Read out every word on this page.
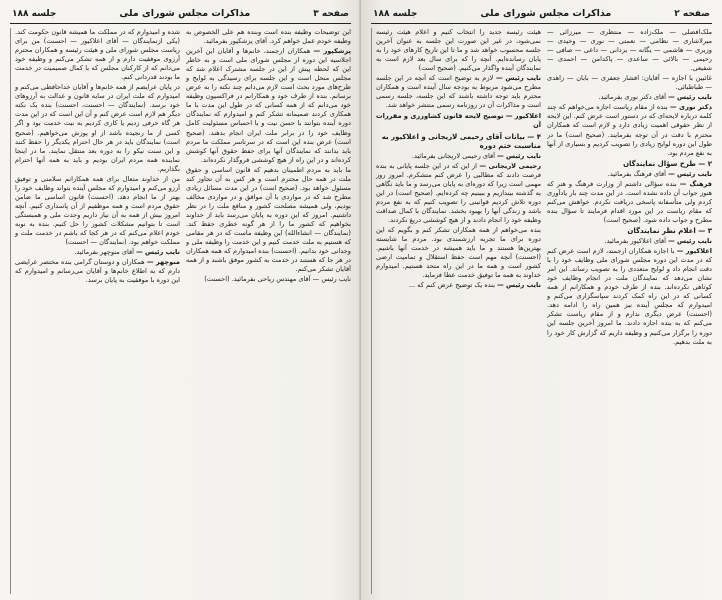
صفحه ۳
مذاکرات مجلس شورای ملی
جلسه ۱۸۸

این توضیحات وظیفه بنده است وبنده هم علی الخصوص به وظیفه خودم عمل خواهم کرد. آقای پزشکپور بفرمائید.

پزشکپور — همکاران ارجمند، خانم‌ها و آقایان این آخرین اجلاسیه این دوره از مجلس شورای ملی است و به خاطر این که لحظه پیش از این در جلسه مشترک اعلام شد که مجلس منحل است و این جلسه برای رسیدگی به لوایح و طرح‌های مورد بحث است لازم می‌دانم چند نکته را به عرض برسانم. بنده از طرف خود و همکارانم در فراکسیون وظیفه خود می‌دانم که از همه کسانی که در طول این مدت با ما همکاری کردند صمیمانه تشکر کنم و امیدوارم که نمایندگان دوره آینده بتوانند با حسن نیت و با احساس مسئولیت کامل وظایف خود را در برابر ملت ایران انجام بدهند. (صحیح است) عرض بنده این است که در سرتاسر مملکت ما مردم باید بدانند که نمایندگان آنها برای حفظ حقوق آنها کوشش کرده‌اند و در این راه از هیچ کوششی فروگذار نکرده‌اند.

ما باید به مردم اطمینان بدهیم که قانون اساسی و حقوق ملت در همه حال محترم است و هر کس به آن تجاوز کند مسئول خواهد بود. (صحیح است) در این مدت مسائل زیادی مطرح شد که در مواردی با آن موافق و در مواردی مخالف بودیم، ولی همیشه مصلحت کشور و منافع ملت را در نظر داشتیم. امروز که این دوره به پایان می‌رسد باید از خداوند بخواهیم که کشور ما را از هر گونه خطری حفظ کند. (نمایندگان — انشاءالله) این وظیفه ماست که در هر مقامی که هستیم به ملت خدمت کنیم و این خدمت را وظیفه ملی و وجدانی خود بدانیم. (احسنت) بنده امیدوارم که همه همکاران در هر جا که هستند در خدمت به کشور موفق باشند و از همه آقایان تشکر می‌کنم.

نایب رئیس — آقای مهندس ریاحی بفرمائید. (احسنت)

شده و امیدوارم که در مملکت ما همیشه قانون حکومت کند. (یکی ازنمایندگان — آقای اعلاکیور — احسنت) من برای ریاست مجلس شورای ملی و هیئت رئیسه و همکاران محترم آرزوی موفقیت دارم و از همه تشکر می‌کنم و وظیفه خود می‌دانم که از کارکنان مجلس که با کمال صمیمیت در خدمت ما بودند قدردانی کنم.

در پایان عرایضم از همه خانم‌ها و آقایان خداحافظی می‌کنم و امیدوارم که ملت ایران در سایه قانون و عدالت به آرزوهای خود برسد. (نمایندگان — احسنت، احسنت) بنده یک نکته دیگر هم لازم است عرض کنم و آن این است که در این مدت هر گاه حرفی زدیم یا کاری کردیم به نیت خدمت بود و اگر کسی از ما رنجیده باشد از او پوزش می‌خواهیم. (صحیح است) نمایندگان باید در هر حال احترام یکدیگر را حفظ کنند و این سنت نیکو را به دوره بعد منتقل نمایند. ما در اینجا نماینده همه مردم ایران بودیم و باید به همه آنها احترام بگذاریم.

من از خداوند متعال برای همه همکارانم سلامتی و توفیق آرزو می‌کنم و امیدوارم که مجلس آینده بتواند وظایف خود را بهتر از ما انجام دهد. (احسنت) قانون اساسی ما ضامن حقوق مردم است و همه موظفیم از آن پاسداری کنیم. آنچه امروز بیش از همه به آن نیاز داریم وحدت ملی و همبستگی است تا بتوانیم مشکلات کشور را حل کنیم. بنده به نوبه خودم اعلام می‌کنم که در هر کجا که باشم در خدمت ملت و مملکت خواهم بود. (نمایندگان — احسنت)

نایب رئیس — آقای منوچهر بفرمائید.

منوچهر — همکاران و دوستان گرامی بنده مختصر عرایضی دارم که به اطلاع خانم‌ها و آقایان می‌رسانم و امیدوارم که این دوره با موفقیت به پایان برسد.

صفحه ۲
مذاکرات مجلس شورای ملی
جلسه ۱۸۸

ملک‌افضلی — ملک‌زاده — منتظری — میرزائی — میرلاشاری — نظامی — نعمتی — نوری — وحیدی — وزیری — هاشمی — یگانه — یزدانی — داعی — صافی — رحیمی — بالائی — ساعدی — پاکدامن — احمدی — شفیعی.

غائبین با اجازه — آقایان: افشار جعفری — بابان — زاهدی — طباطبائی.

نایب رئیس — آقای دکتر نوری بفرمائید.

دکتر نوری — بنده از مقام ریاست اجازه می‌خواهم که چند کلمه درباره لایحه‌ای که در دستور است عرض کنم. این لایحه از نظر حقوقی اهمیت زیادی دارد و لازم است که همکاران محترم با دقت در آن توجه بفرمایند. (صحیح است) ما در طول این دوره لوایح زیادی را تصویب کردیم و بسیاری از آنها به نفع مردم بود.

۲ — طرح سؤال نمایندگان

نایب رئیس — آقای فرهنگ بفرمائید.

فرهنگ — بنده سؤالی داشتم از وزارت فرهنگ و هنر که هنوز جواب آن داده نشده است. در این مدت چند بار یادآوری کردم ولی متأسفانه پاسخی دریافت نکردم. خواهش می‌کنم که مقام ریاست در این مورد اقدام فرمایند تا سؤال بنده مطرح و جواب داده شود. (صحیح است)

۳ — اعلام نظر نمایندگان

نایب رئیس — آقای اعلاکیور بفرمائید.

اعلاکیور — با اجازه همکاران ارجمند، لازم است عرض کنم که در مدت این دوره مجلس شورای ملی وظایف خود را با دقت انجام داد و لوایح متعددی را به تصویب رساند. این امر نشان می‌دهد که نمایندگان ملت در انجام وظایف خود کوتاهی نکرده‌اند. بنده از طرف خودم و همکارانم از همه کسانی که در این راه کمک کردند سپاسگزاری می‌کنم و امیدوارم که مجلس آینده نیز همین راه را ادامه دهد. (احسنت) عرض دیگری ندارم و از مقام ریاست تشکر می‌کنم که به بنده اجازه دادند. ما امروز آخرین جلسه این دوره را برگزار می‌کنیم و وظیفه داریم که گزارش کار خود را به ملت بدهیم.

هیئت رئیسه جدید را انتخاب کنیم و اعلام هیئت رئیسه نمی‌شود، در غیر این صورت این جلسه به عنوان آخرین جلسه محسوب خواهد شد و ما تا این تاریخ کارهای خود را به پایان رسانده‌ایم. آنچه را که برای سال بعد لازم است به نمایندگان آینده واگذار می‌کنیم. (صحیح است)

نایب رئیس — لازم به توضیح است که آنچه در این جلسه مطرح می‌شود مربوط به بودجه سال آینده است و همکاران محترم باید توجه داشته باشند که این جلسه، جلسه رسمی است و مذاکرات آن در روزنامه رسمی منتشر خواهد شد.

اعلاکیور — توضیح لایحه قانون کشاورزی و مقررات آن

۴ — بیانات آقای رحیمی لاریجانی و اعلاکیور به مناسبت ختم دوره

نایب رئیس — آقای رحیمی لاریجانی بفرمائید.

رحیمی لاریجانی — از این که در این جلسه پایانی به بنده فرصت دادند که مطالبی را عرض کنم متشکرم. امروز روز مهمی است زیرا که دوره‌ای به پایان می‌رسد و ما باید نگاهی به گذشته بیندازیم و ببینیم چه کرده‌ایم. (صحیح است) در این دوره تلاش کردیم قوانینی را تصویب کنیم که به نفع مردم باشد و زندگی آنها را بهبود بخشد. نمایندگان با کمال صداقت وظیفه خود را انجام دادند و از هیچ کوششی دریغ نکردند.

بنده می‌خواهم از همه همکاران تشکر کنم و بگویم که این دوره برای ما تجربه ارزشمندی بود. مردم ما شایسته بهترین‌ها هستند و ما باید همیشه در خدمت آنها باشیم. (احسنت) آنچه مهم است حفظ استقلال و تمامیت ارضی کشور است و همه ما در این راه متحد هستیم. امیدوارم خداوند به همه ما توفیق خدمت عطا فرماید.

نایب رئیس — بنده یک توضیح عرض کنم که ...
